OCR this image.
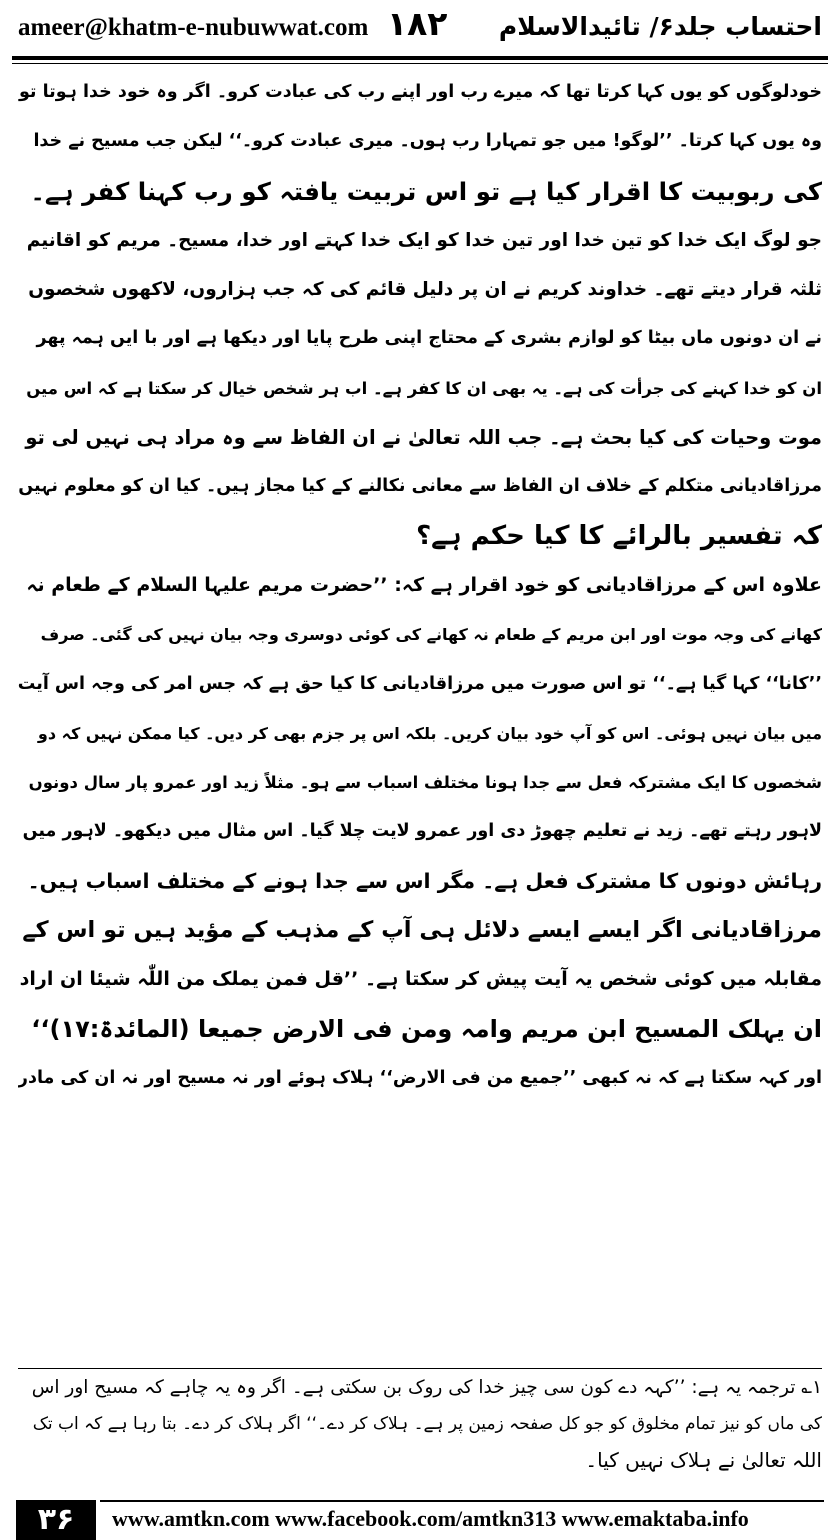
ameer@khatm-e-nubuwwat.com ۱۸۲ احتساب جلد۶/ تائیدالاسلام
خودلوگوں کو یوں کہا کرتا تھا کہ میرے رب اور اپنے رب کی عبادت کرو۔ اگر وہ خود خدا ہوتا تو
وہ یوں کہا کرتا۔ ’’لوگو! میں جو تمہارا رب ہوں۔ میری عبادت کرو۔‘‘ لیکن جب مسیح نے خدا
کی ربوبیت کا اقرار کیا ہے تو اس تربیت یافتہ کو رب کہنا کفر ہے۔
جو لوگ ایک خدا کو تین خدا اور تین خدا کو ایک خدا کہتے اور خدا، مسیح۔ مریم کو اقانیم
ثلثہ قرار دیتے تھے۔ خداوند کریم نے ان پر دلیل قائم کی کہ جب ہزاروں، لاکھوں شخصوں
نے ان دونوں ماں بیٹا کو لوازم بشری کے محتاج اپنی طرح پایا اور دیکھا ہے اور با ایں ہمہ پھر
ان کو خدا کہنے کی جرأت کی ہے۔ یہ بھی ان کا کفر ہے۔ اب ہر شخص خیال کر سکتا ہے کہ اس میں
موت وحیات کی کیا بحث ہے۔ جب اللہ تعالیٰ نے ان الفاظ سے وہ مراد ہی نہیں لی تو
مرزاقادیانی متکلم کے خلاف ان الفاظ سے معانی نکالنے کے کیا مجاز ہیں۔ کیا ان کو معلوم نہیں
کہ تفسیر بالرائے کا کیا حکم ہے؟
علاوہ اس کے مرزاقادیانی کو خود اقرار ہے کہ: ’’حضرت مریم علیہا السلام کے طعام نہ
کھانے کی وجہ موت اور ابن مریم کے طعام نہ کھانے کی کوئی دوسری وجہ بیان نہیں کی گئی۔ صرف
’’کانا‘‘ کہا گیا ہے۔‘‘ تو اس صورت میں مرزاقادیانی کا کیا حق ہے کہ جس امر کی وجہ اس آیت
میں بیان نہیں ہوئی۔ اس کو آپ خود بیان کریں۔ بلکہ اس پر جزم بھی کر دیں۔ کیا ممکن نہیں کہ دو
شخصوں کا ایک مشترکہ فعل سے جدا ہونا مختلف اسباب سے ہو۔ مثلاً زید اور عمرو پار سال دونوں
لاہور رہتے تھے۔ زید نے تعلیم چھوڑ دی اور عمرو لایت چلا گیا۔ اس مثال میں دیکھو۔ لاہور میں
رہائش دونوں کا مشترک فعل ہے۔ مگر اس سے جدا ہونے کے مختلف اسباب ہیں۔
مرزاقادیانی اگر ایسے ایسے دلائل ہی آپ کے مذہب کے مؤید ہیں تو اس کے
مقابلہ میں کوئی شخص یہ آیت پیش کر سکتا ہے۔ ’’قل فمن یملک من اللّٰہ شیئا ان اراد
ان یہلک المسیح ابن مریم وامہ ومن فی الارض جمیعا (المائدۃ:۱۷)‘‘
اور کہہ سکتا ہے کہ نہ کبھی ’’جمیع من فی الارض‘‘ ہلاک ہوئے اور نہ مسیح اور نہ ان کی مادر
۱؎ ترجمہ یہ ہے: ’’کہہ دے کون سی چیز خدا کی روک بن سکتی ہے۔ اگر وہ یہ چاہے کہ مسیح اور اس
کی ماں کو نیز تمام مخلوق کو جو کل صفحہ زمین پر ہے۔ ہلاک کر دے۔‘‘ اگر ہلاک کر دے۔ بتا رہا ہے کہ اب تک
اللہ تعالیٰ نے ہلاک نہیں کیا۔
۳۶	www.amtkn.com www.facebook.com/amtkn313 www.emaktaba.info
